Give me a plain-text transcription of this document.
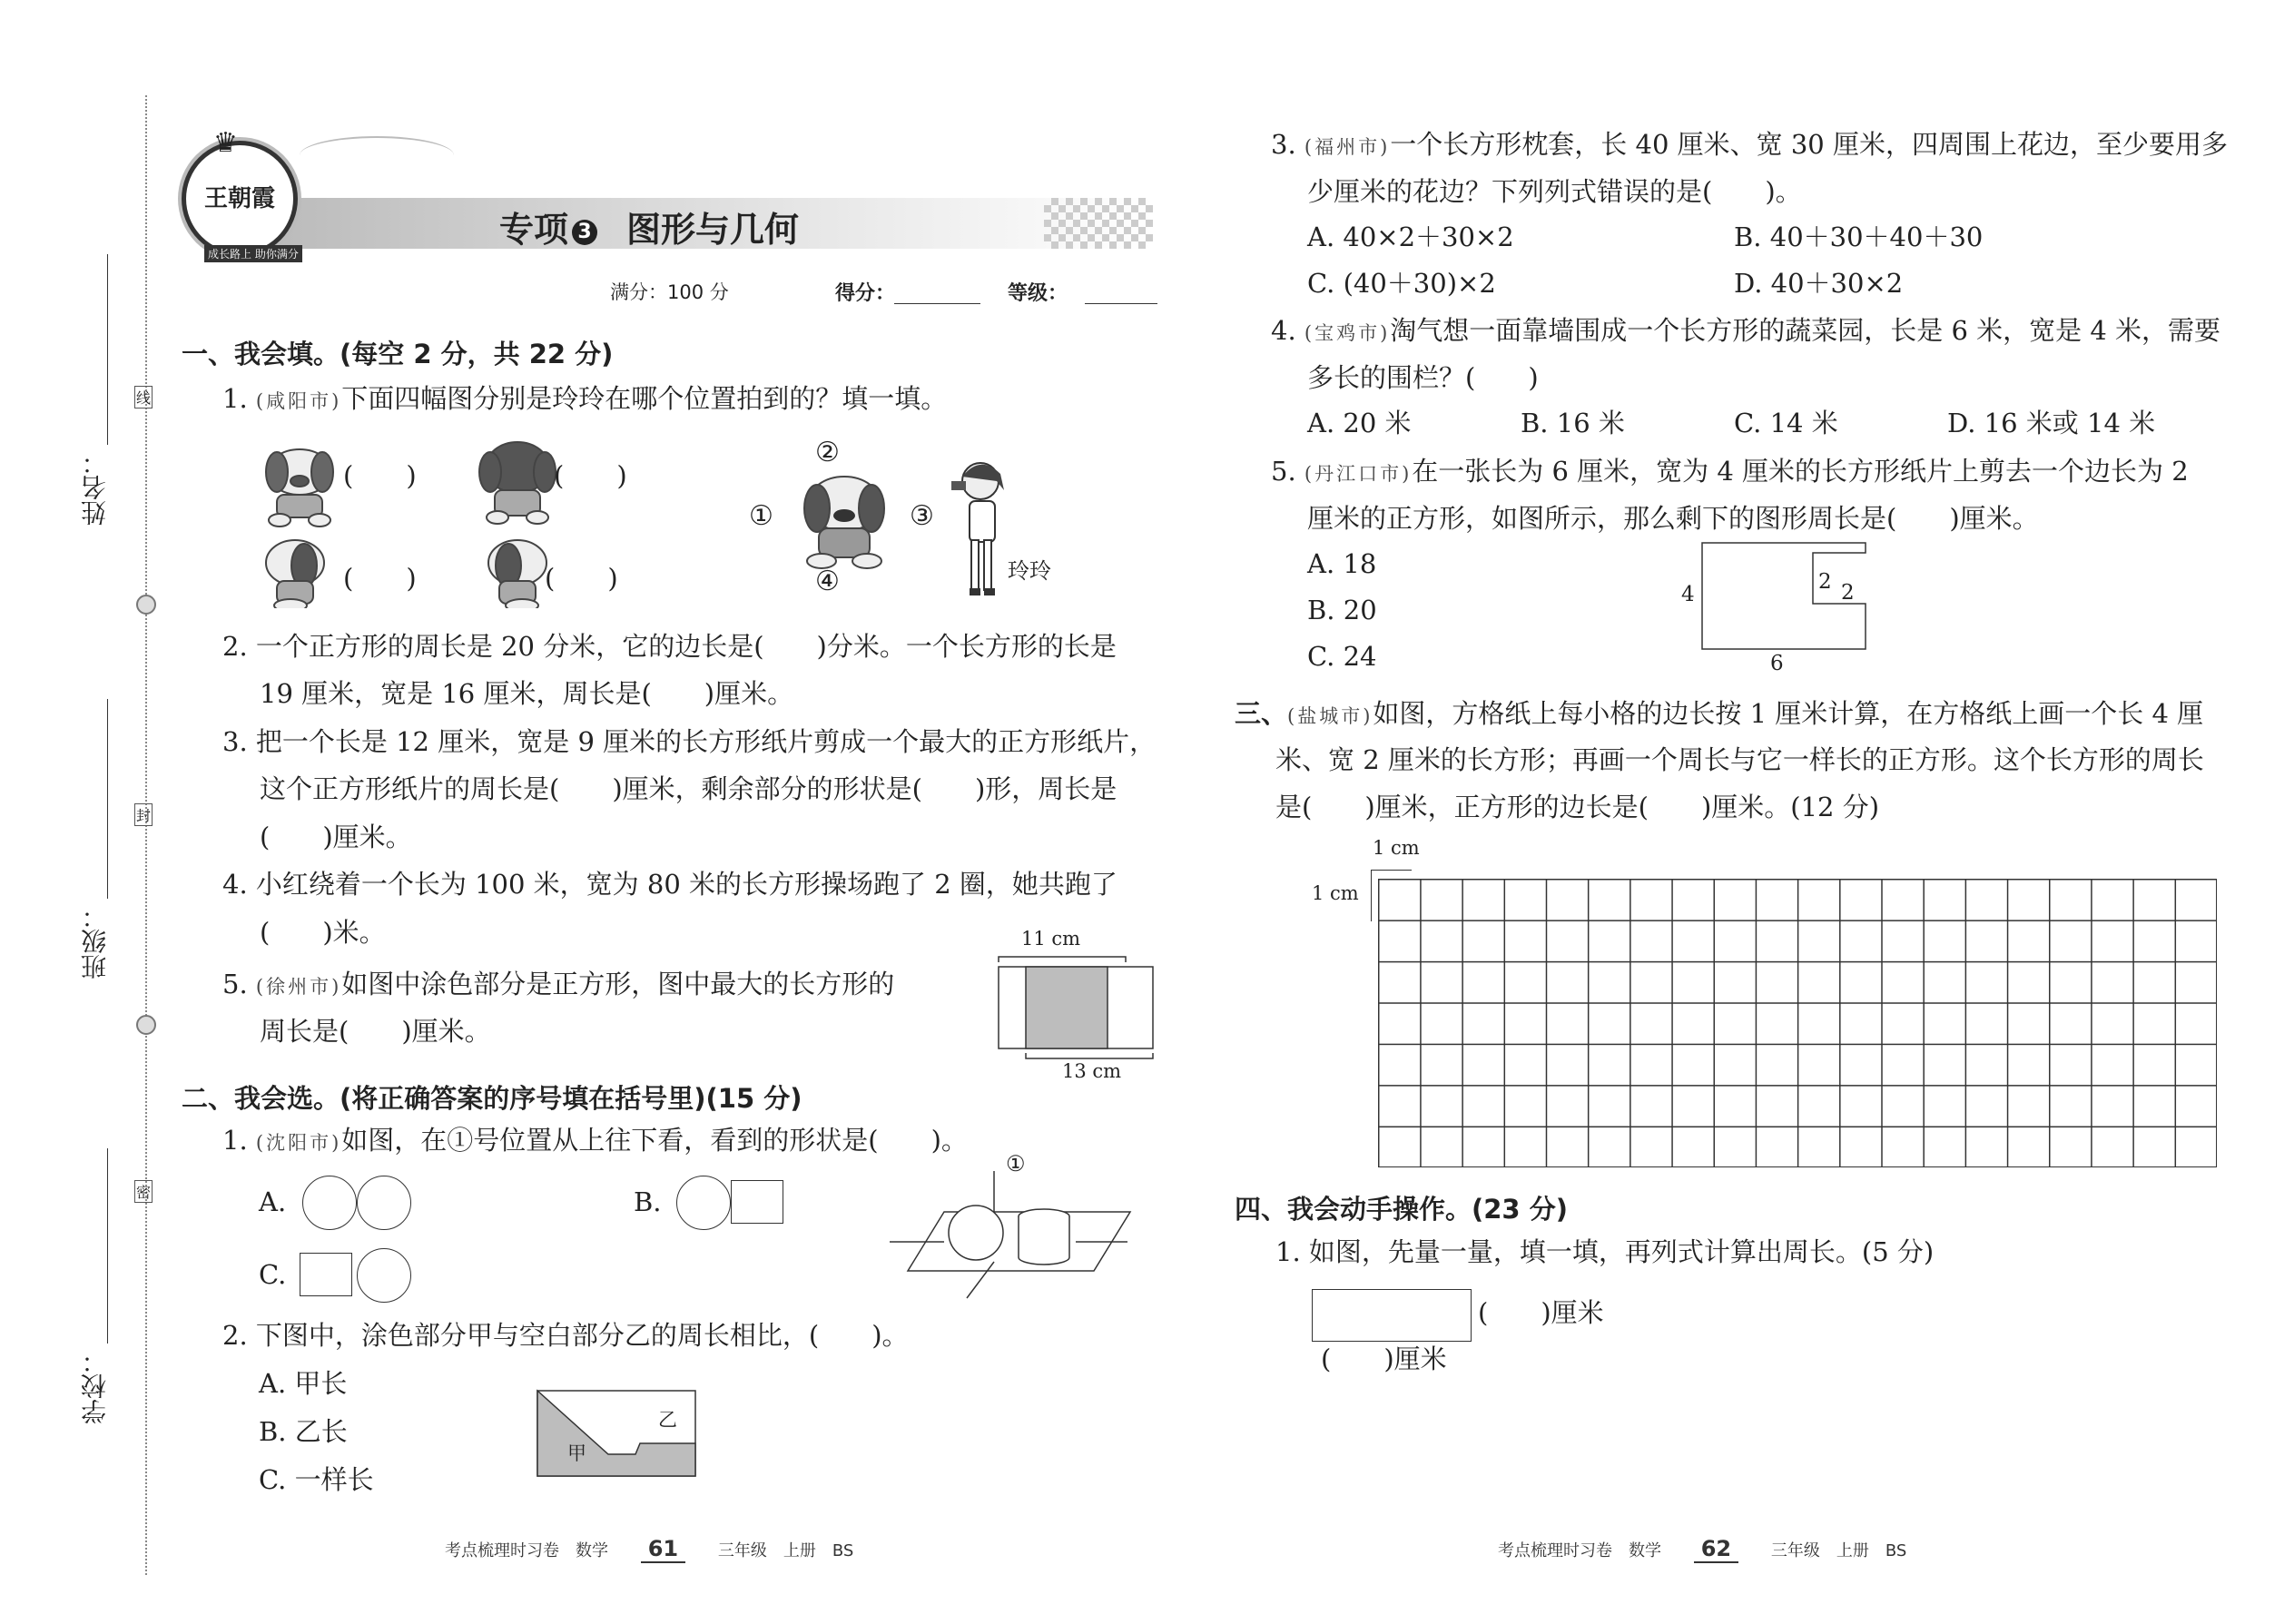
线
封
密
姓名：
班级：
学校：
王朝霞
♛
成长路上 助你满分
专项 3 图形与几何
满分：100 分	得分：	等级：
一、我会填。(每空 2 分，共 22 分)
1. (咸阳市)下面四幅图分别是玲玲在哪个位置拍到的？填一填。
(　　)	(　　)
(　　)	(　　)
②
①	③
④	玲玲
2. 一个正方形的周长是 20 分米，它的边长是(　　)分米。一个长方形的长是
19 厘米，宽是 16 厘米，周长是(　　)厘米。
3. 把一个长是 12 厘米，宽是 9 厘米的长方形纸片剪成一个最大的正方形纸片，
这个正方形纸片的周长是(　　)厘米，剩余部分的形状是(　　)形，周长是
(　　)厘米。
4. 小红绕着一个长为 100 米，宽为 80 米的长方形操场跑了 2 圈，她共跑了
(　　)米。
5. (徐州市)如图中涂色部分是正方形，图中最大的长方形的
周长是(　　)厘米。
11 cm
13 cm
二、我会选。(将正确答案的序号填在括号里)(15 分)
1. (沈阳市)如图，在①号位置从上往下看，看到的形状是(　　)。
A.	B.
C.
①
2. 下图中，涂色部分甲与空白部分乙的周长相比，(　　)。
A. 甲长
B. 乙长
C. 一样长
甲
乙
3. (福州市)一个长方形枕套，长 40 厘米、宽 30 厘米，四周围上花边，至少要用多
少厘米的花边？下列列式错误的是(　　)。
A. 40×2＋30×2	B. 40＋30＋40＋30
C. (40＋30)×2	D. 40＋30×2
4. (宝鸡市)淘气想一面靠墙围成一个长方形的蔬菜园，长是 6 米，宽是 4 米，需要
多长的围栏？(　　)
A. 20 米	B. 16 米	C. 14 米	D. 16 米或 14 米
5. (丹江口市)在一张长为 6 厘米，宽为 4 厘米的长方形纸片上剪去一个边长为 2
厘米的正方形，如图所示，那么剩下的图形周长是(　　)厘米。
A. 18
B. 20
C. 24
4
6
2 2
三、(盐城市)如图，方格纸上每小格的边长按 1 厘米计算，在方格纸上画一个长 4 厘
米、宽 2 厘米的长方形；再画一个周长与它一样长的正方形。这个长方形的周长
是(　　)厘米，正方形的边长是(　　)厘米。(12 分)
1 cm
1 cm
四、我会动手操作。(23 分)
1. 如图，先量一量，填一填，再列式计算出周长。(5 分)
(　　)厘米
(　　)厘米
考点梳理时习卷　数学 61 三年级　上册　BS	考点梳理时习卷　数学 62 三年级　上册　BS
